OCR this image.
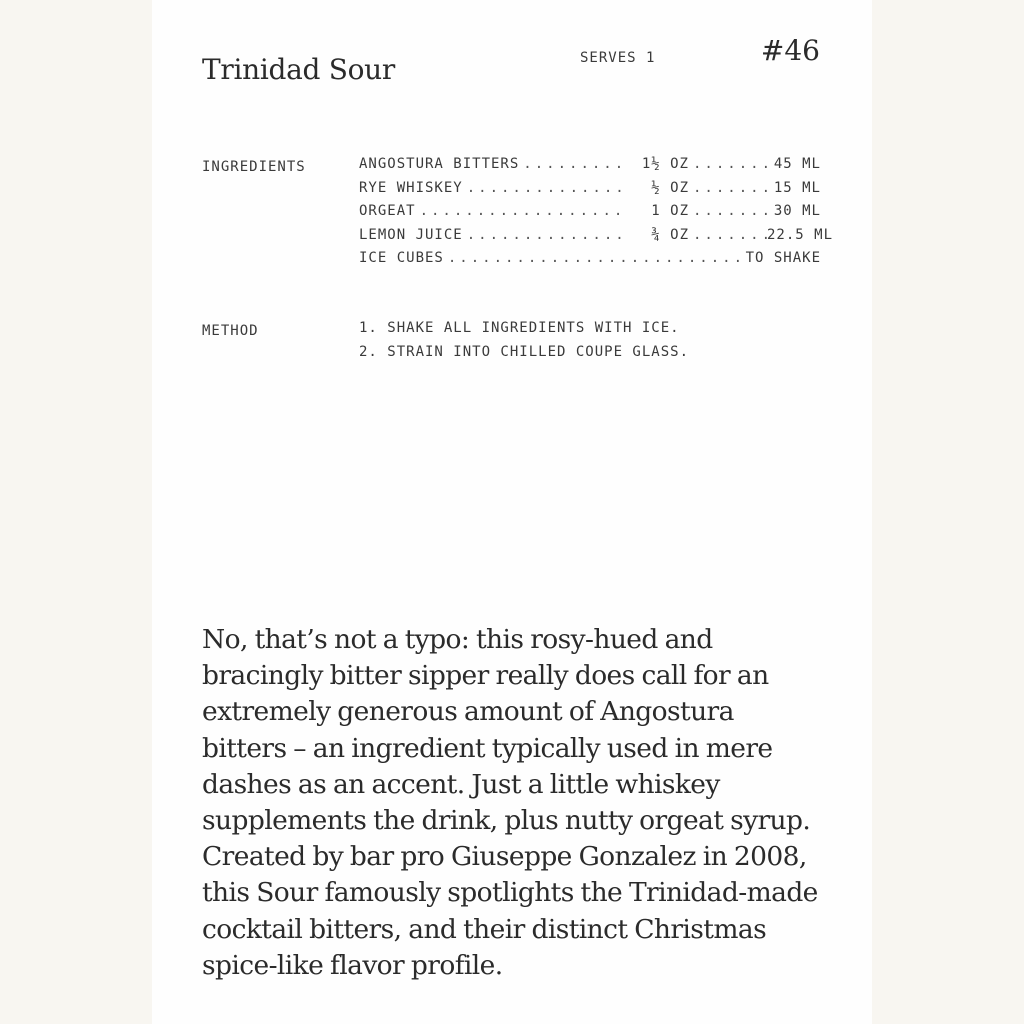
Trinidad Sour	SERVES 1	#46
INGREDIENTS	ANGOSTURA BITTERS .....	1½ OZ .....	45 ML
RYE WHISKEY .....	½ OZ .....	15 ML
ORGEAT .....	1 OZ .....	30 ML
LEMON JUICE .....	¾ OZ .....	22.5 ML
ICE CUBES .....	TO SHAKE
METHOD	1. SHAKE ALL INGREDIENTS WITH ICE.
2. STRAIN INTO CHILLED COUPE GLASS.

No, that’s not a typo: this rosy-hued and bracingly bitter sipper really does call for an extremely generous amount of Angostura bitters – an ingredient typically used in mere dashes as an accent. Just a little whiskey supplements the drink, plus nutty orgeat syrup. Created by bar pro Giuseppe Gonzalez in 2008, this Sour famously spotlights the Trinidad-made cocktail bitters, and their distinct Christmas spice-like flavor profile.
